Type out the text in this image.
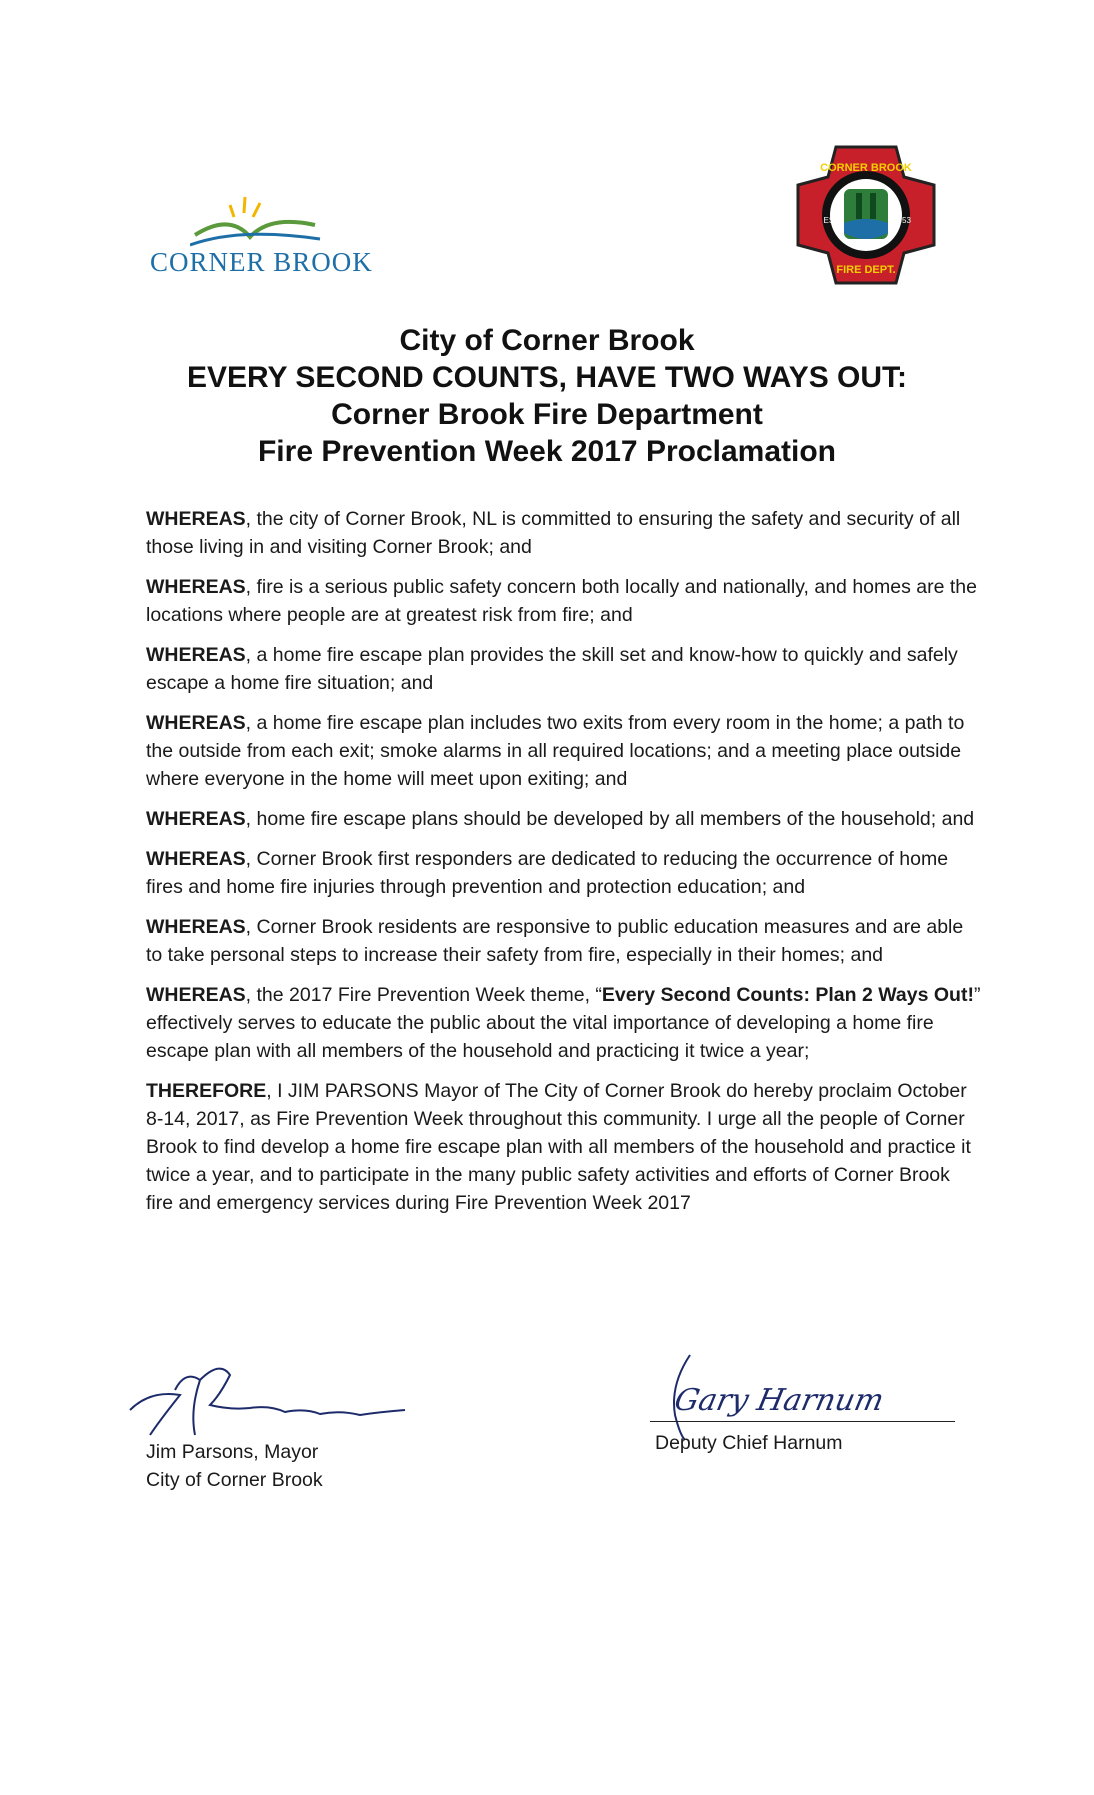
CORNER BROOK
CORNER BROOK
FIRE DEPT.
EST.	1953
City of Corner Brook
EVERY SECOND COUNTS, HAVE TWO WAYS OUT:
Corner Brook Fire Department
Fire Prevention Week 2017 Proclamation

WHEREAS, the city of Corner Brook, NL is committed to ensuring the safety and security of all those living in and visiting Corner Brook; and

WHEREAS, fire is a serious public safety concern both locally and nationally, and homes are the locations where people are at greatest risk from fire; and

WHEREAS, a home fire escape plan provides the skill set and know-how to quickly and safely escape a home fire situation; and

WHEREAS, a home fire escape plan includes two exits from every room in the home; a path to the outside from each exit; smoke alarms in all required locations; and a meeting place outside where everyone in the home will meet upon exiting; and

WHEREAS, home fire escape plans should be developed by all members of the household; and

WHEREAS, Corner Brook first responders are dedicated to reducing the occurrence of home fires and home fire injuries through prevention and protection education; and

WHEREAS, Corner Brook residents are responsive to public education measures and are able to take personal steps to increase their safety from fire, especially in their homes; and

WHEREAS, the 2017 Fire Prevention Week theme, “Every Second Counts: Plan 2 Ways Out!” effectively serves to educate the public about the vital importance of developing a home fire escape plan with all members of the household and practicing it twice a year;

THEREFORE, I JIM PARSONS Mayor of The City of Corner Brook do hereby proclaim October 8-14, 2017, as Fire Prevention Week throughout this community. I urge all the people of Corner Brook to find develop a home fire escape plan with all members of the household and practice it twice a year, and to participate in the many public safety activities and efforts of Corner Brook fire and emergency services during Fire Prevention Week 2017

Jim Parsons, Mayor
City of Corner Brook
Gary Harnum
Deputy Chief Harnum
